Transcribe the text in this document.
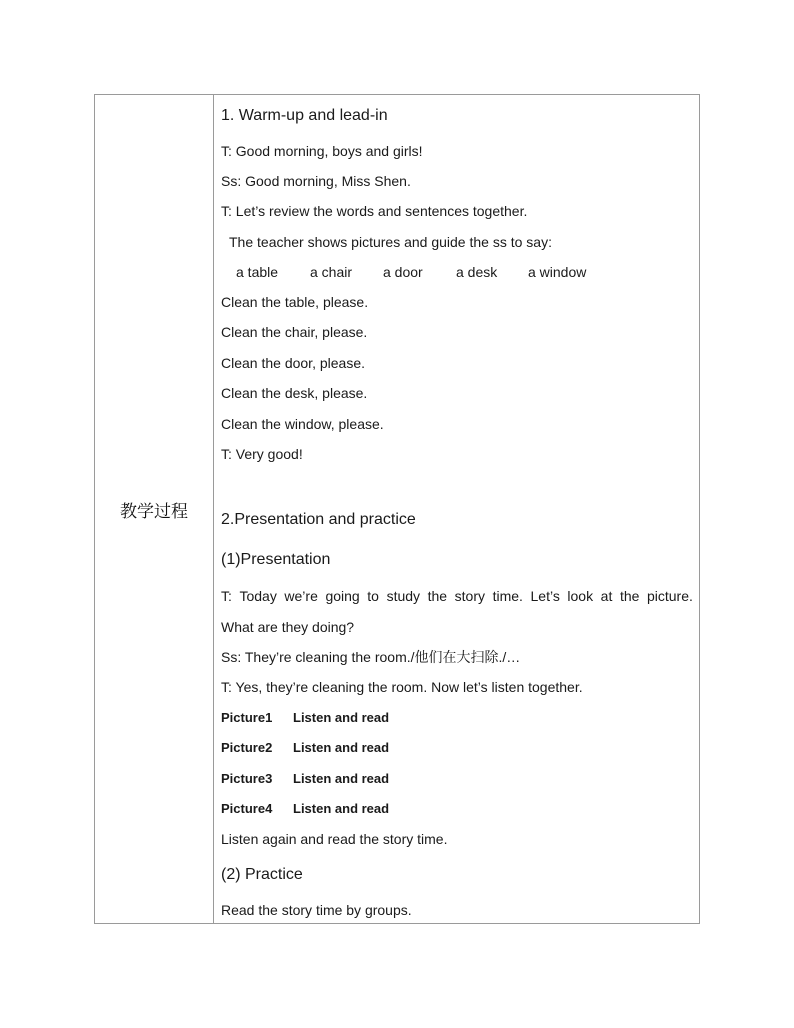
教学过程
1. Warm-up and lead-in
T: Good morning, boys and girls!
Ss: Good morning, Miss Shen.
T: Let’s review the words and sentences together.
The teacher shows pictures and guide the ss to say:
a table a chair a door a desk a window
Clean the table, please.
Clean the chair, please.
Clean the door, please.
Clean the desk, please.
Clean the window, please.
T: Very good!
2.Presentation and practice
(1)Presentation
T: Today we’re going to study the story time. Let’s look at the picture.
What are they doing?
Ss: They’re cleaning the room./他们在大扫除./…
T: Yes, they’re cleaning the room. Now let’s listen together.
Picture1 Listen and read
Picture2 Listen and read
Picture3 Listen and read
Picture4 Listen and read
Listen again and read the story time.
(2) Practice
Read the story time by groups.
